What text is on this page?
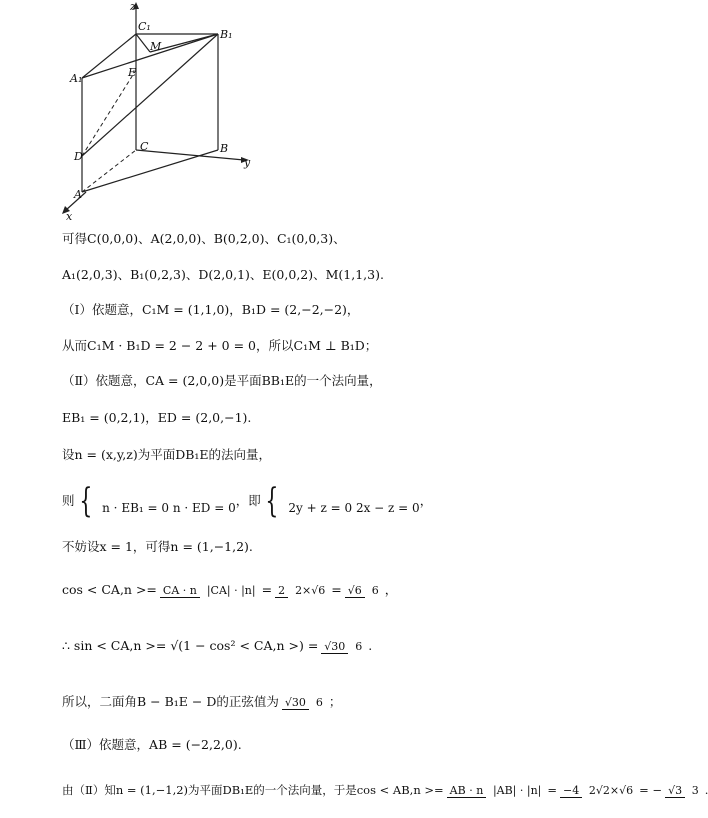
z
C₁
B₁
M
A₁	E
D
C	B
y
A
x
可得C(0,0,0)、A(2,0,0)、B(0,2,0)、C₁(0,0,3)、
A₁(2,0,3)、B₁(0,2,3)、D(2,0,1)、E(0,0,2)、M(1,1,3).
（Ⅰ）依题意，C₁M = (1,1,0)，B₁D = (2,−2,−2)，
从而C₁M · B₁D = 2 − 2 + 0 = 0，所以C₁M ⊥ B₁D；
（Ⅱ）依题意，CA = (2,0,0)是平面BB₁E的一个法向量，
EB₁ = (0,2,1)，ED = (2,0,−1).
设n = (x,y,z)为平面DB₁E的法向量，
则 { n · EB₁ = 0 n · ED = 0 ，即 { 2y + z = 0 2x − z = 0 ，
不妨设x = 1，可得n = (1,−1,2).
cos < CA,n >= CA · n |CA| · |n| = 2 2×√6 = √6 6 ，
∴ sin < CA,n >= √(1 − cos² < CA,n >) = √30 6 .
所以，二面角B − B₁E − D的正弦值为 √30 6 ；
（Ⅲ）依题意，AB = (−2,2,0).
由（Ⅱ）知n = (1,−1,2)为平面DB₁E的一个法向量，于是cos < AB,n >= AB · n |AB| · |n| = −4 2√2×√6 = − √3 3
